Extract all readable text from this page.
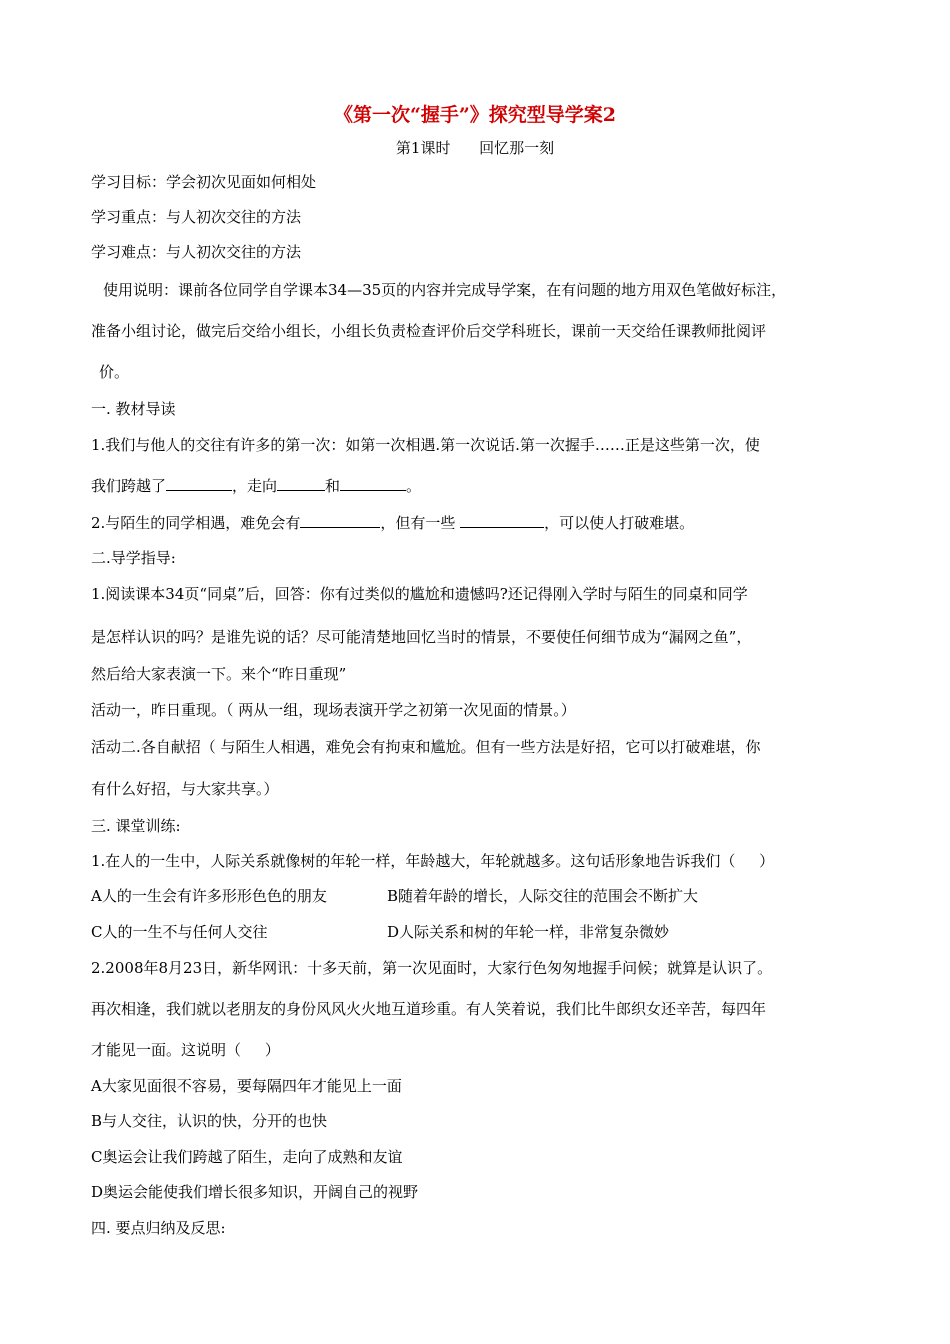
《第一次“握手”》探究型导学案2
第1课时      回忆那一刻
学习目标：学会初次见面如何相处
学习重点：与人初次交往的方法
学习难点：与人初次交往的方法
使用说明：课前各位同学自学课本34—35页的内容并完成导学案，在有问题的地方用双色笔做好标注，
准备小组讨论，做完后交给小组长，小组长负责检查评价后交学科班长，课前一天交给任课教师批阅评
价。
一. 教材导读
1.我们与他人的交往有许多的第一次：如第一次相遇.第一次说话.第一次握手……正是这些第一次，使
我们跨越了	，走向	和	。
2.与陌生的同学相遇，难免会有	，但有一些	，可以使人打破难堪。
二.导学指导:
1.阅读课本34页“同桌”后，回答：你有过类似的尴尬和遗憾吗?还记得刚入学时与陌生的同桌和同学
是怎样认识的吗？是谁先说的话？尽可能清楚地回忆当时的情景，不要使任何细节成为“漏网之鱼”，
然后给大家表演一下。来个“昨日重现”
活动一，昨日重现。（ 两从一组，现场表演开学之初第一次见面的情景。）
活动二.各自献招（ 与陌生人相遇，难免会有拘束和尴尬。但有一些方法是好招，它可以打破难堪，你
有什么好招，与大家共享。）
三. 课堂训练:
1.在人的一生中，人际关系就像树的年轮一样，年龄越大，年轮就越多。这句话形象地告诉我们（     ）
A人的一生会有许多形形色色的朋友	B随着年龄的增长，人际交往的范围会不断扩大
C人的一生不与任何人交往	D人际关系和树的年轮一样，非常复杂微妙
2.2008年8月23日，新华网讯：十多天前，第一次见面时，大家行色匆匆地握手问候；就算是认识了。
再次相逢，我们就以老朋友的身份风风火火地互道珍重。有人笑着说，我们比牛郎织女还辛苦，每四年
才能见一面。这说明（     ）
A大家见面很不容易，要每隔四年才能见上一面
B与人交往，认识的快，分开的也快
C奥运会让我们跨越了陌生，走向了成熟和友谊
D奥运会能使我们增长很多知识，开阔自己的视野
四. 要点归纳及反思:
